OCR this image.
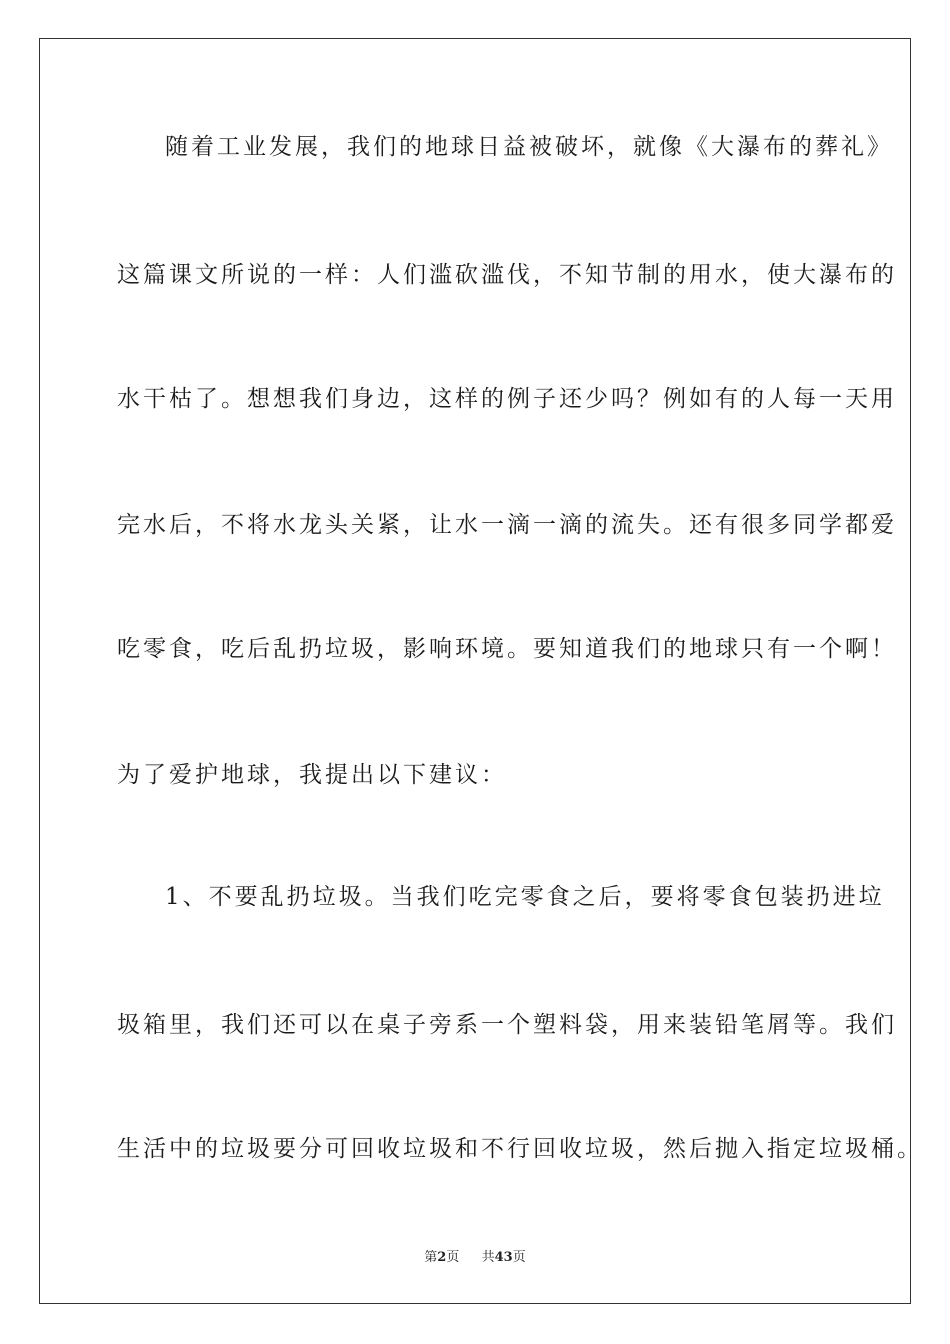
随着工业发展，我们的地球日益被破坏，就像《大瀑布的葬礼》
这篇课文所说的一样：人们滥砍滥伐，不知节制的用水，使大瀑布的
水干枯了。想想我们身边，这样的例子还少吗？例如有的人每一天用
完水后，不将水龙头关紧，让水一滴一滴的流失。还有很多同学都爱
吃零食，吃后乱扔垃圾，影响环境。要知道我们的地球只有一个啊！
为了爱护地球，我提出以下建议：
1、不要乱扔垃圾。当我们吃完零食之后，要将零食包装扔进垃
圾箱里，我们还可以在桌子旁系一个塑料袋，用来装铅笔屑等。我们
生活中的垃圾要分可回收垃圾和不行回收垃圾，然后抛入指定垃圾桶。
第2页 共43页
